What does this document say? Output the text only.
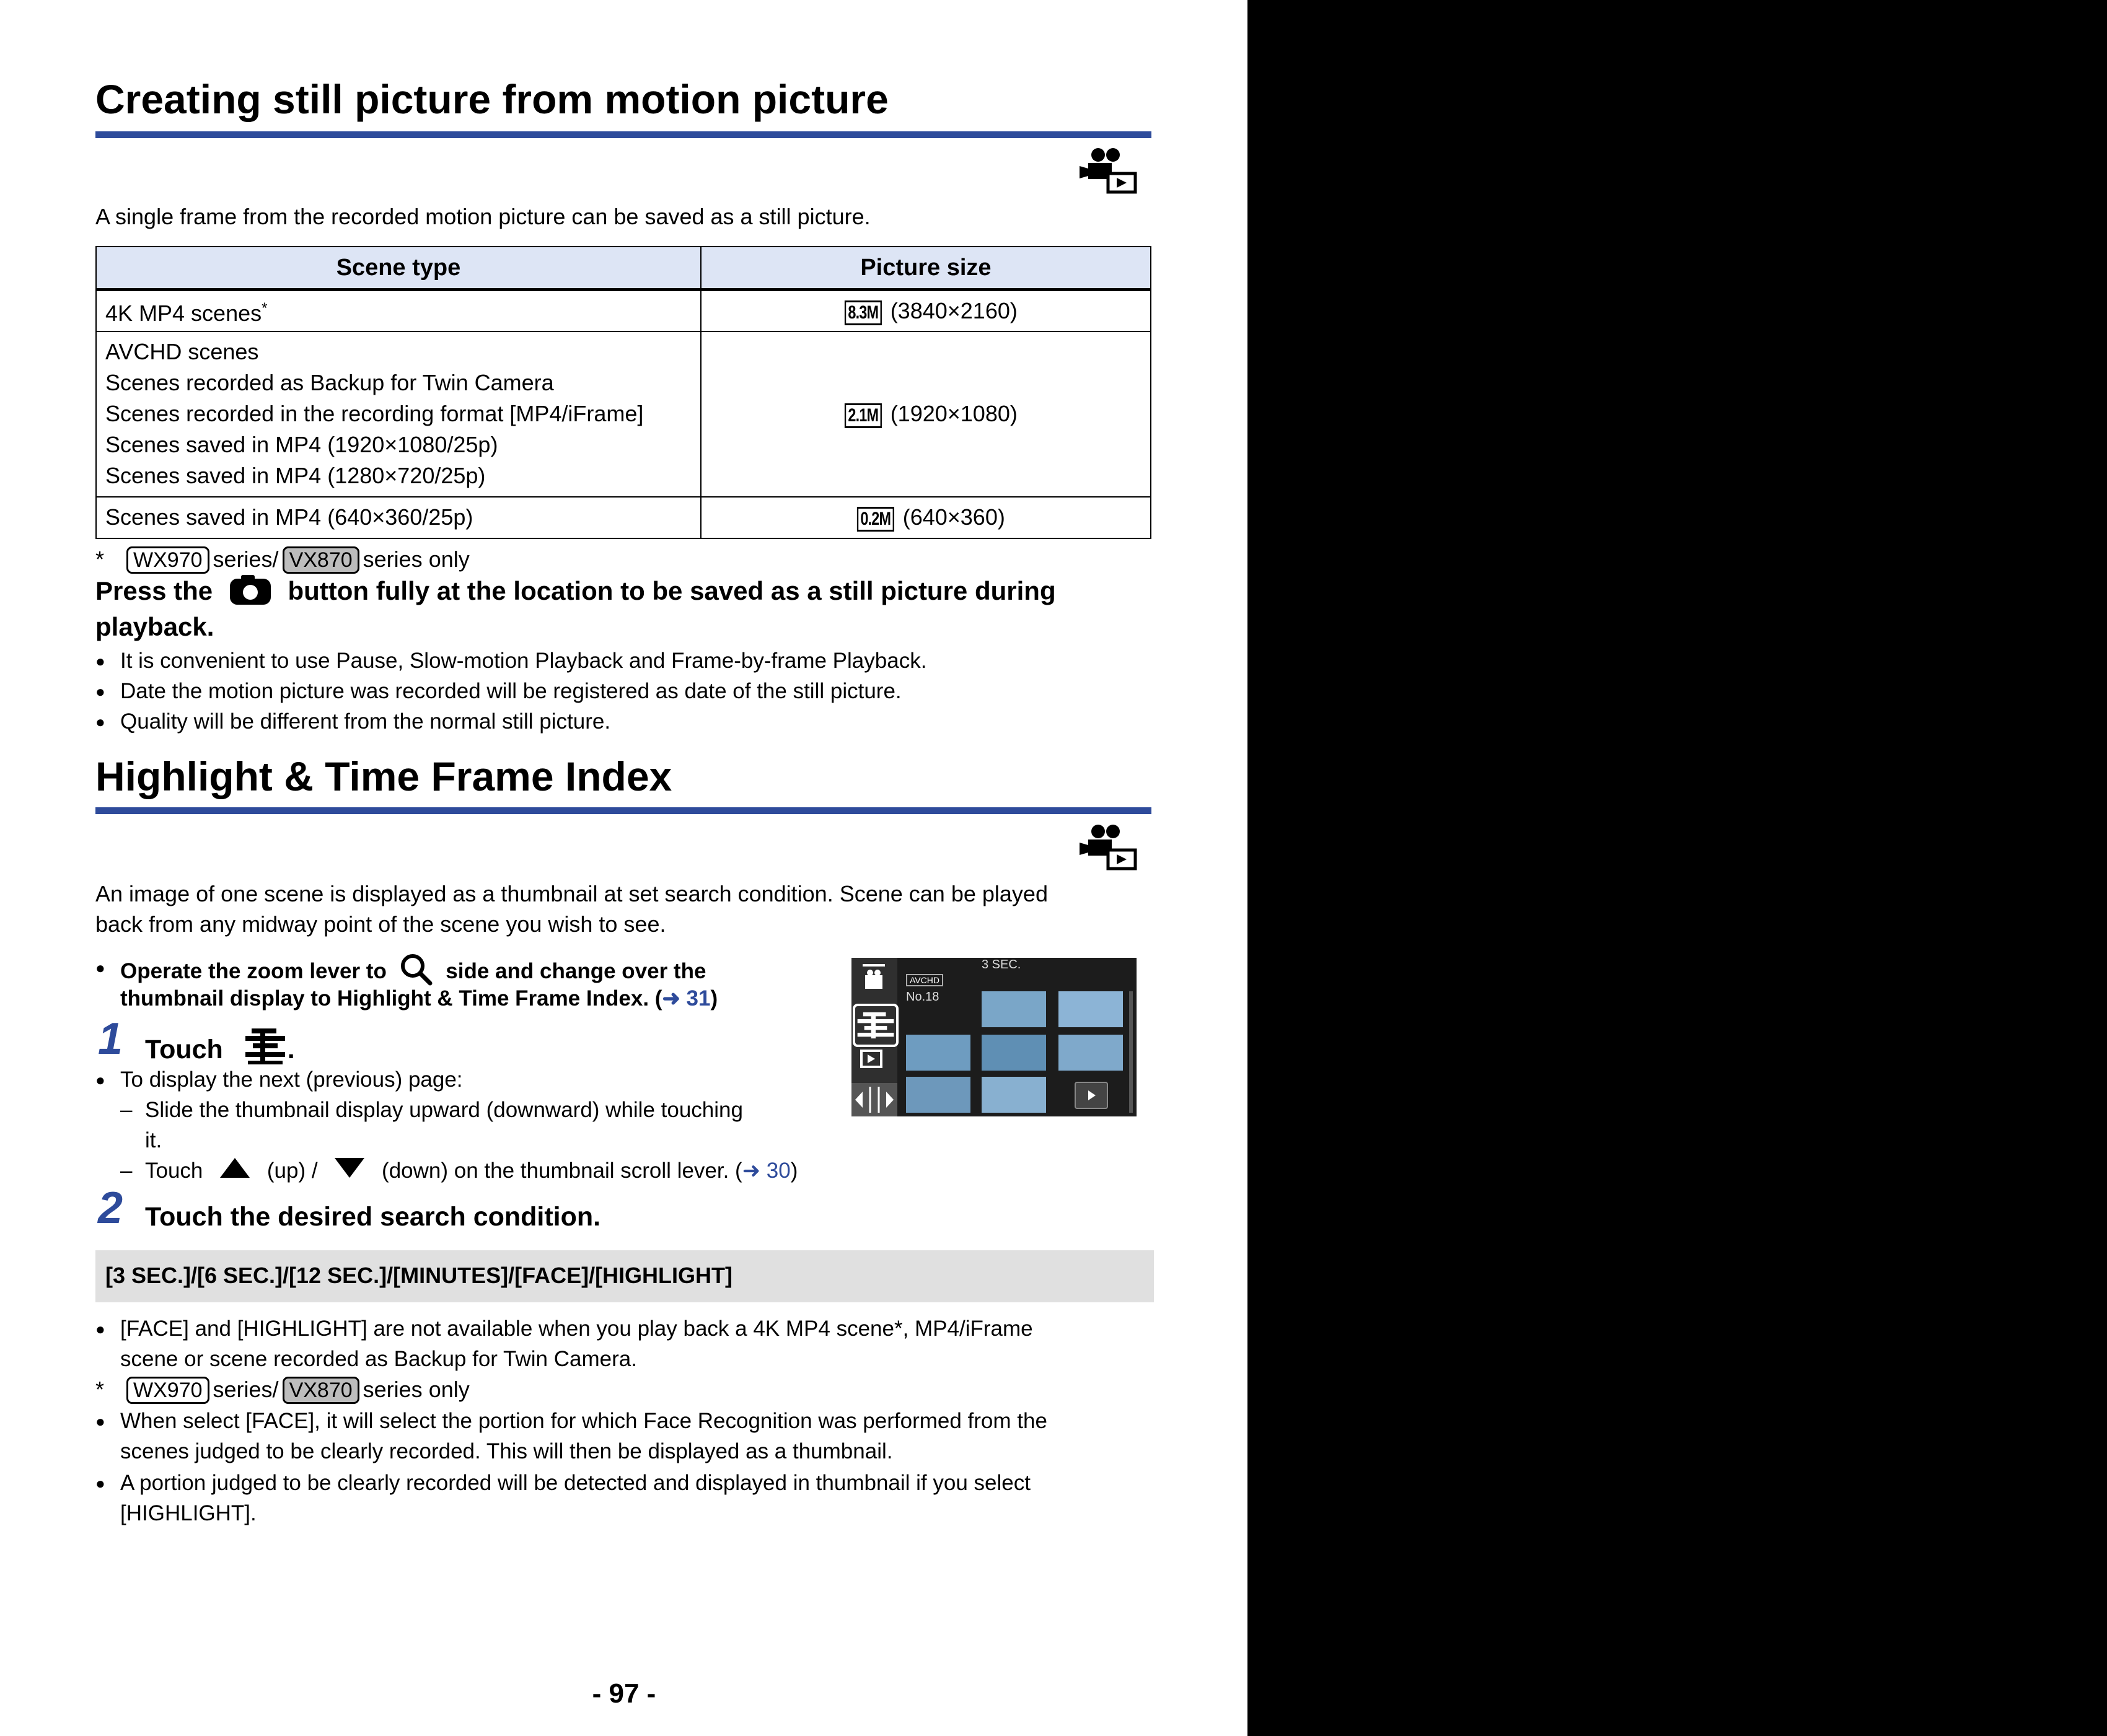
Creating still picture from motion picture
A single frame from the recorded motion picture can be saved as a still picture.
Scene type	Picture size
4K MP4 scenes*	8.3M (3840×2160)

AVCHD scenes
Scenes recorded as Backup for Twin Camera
Scenes recorded in the recording format [MP4/iFrame]
Scenes saved in MP4 (1920×1080/25p)
Scenes saved in MP4 (1280×720/25p)	2.1M (1920×1080)
Scenes saved in MP4 (640×360/25p)	0.2M (640×360)
* WX970 series/ VX870 series only
Press the	button fully at the location to be saved as a still picture during
playback.
● It is convenient to use Pause, Slow-motion Playback and Frame-by-frame Playback.
● Date the motion picture was recorded will be registered as date of the still picture.
● Quality will be different from the normal still picture.
Highlight & Time Frame Index
An image of one scene is displayed as a thumbnail at set search condition. Scene can be played
back from any midway point of the scene you wish to see.
● Operate the zoom lever to	side and change over the
thumbnail display to Highlight & Time Frame Index. (➜ 31)
1 Touch .
● To display the next (previous) page:
– Slide the thumbnail display upward (downward) while touching
it.
– Touch	(up) /	(down) on the thumbnail scroll lever. (➜ 30)
3 SEC.
AVCHD
No.18
2 Touch the desired search condition.
[3 SEC.]/[6 SEC.]/[12 SEC.]/[MINUTES]/[FACE]/[HIGHLIGHT]
● [FACE] and [HIGHLIGHT] are not available when you play back a 4K MP4 scene*, MP4/iFrame
scene or scene recorded as Backup for Twin Camera.
* WX970 series/ VX870 series only
● When select [FACE], it will select the portion for which Face Recognition was performed from the
scenes judged to be clearly recorded. This will then be displayed as a thumbnail.
● A portion judged to be clearly recorded will be detected and displayed in thumbnail if you select
[HIGHLIGHT].
- 97 -
